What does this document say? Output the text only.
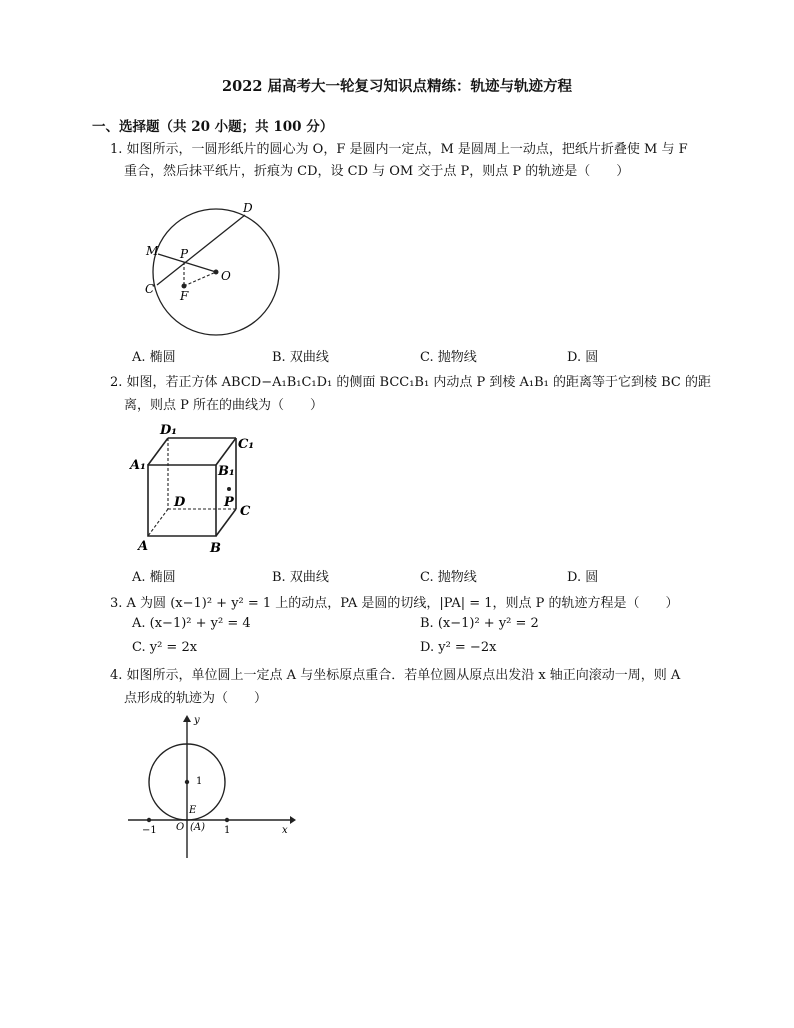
2022 届高考大一轮复习知识点精练：轨迹与轨迹方程
一、选择题（共 20 小题；共 100 分）
1. 如图所示，一圆形纸片的圆心为 O，F 是圆内一定点，M 是圆周上一动点，把纸片折叠使 M 与 F
重合，然后抹平纸片，折痕为 CD，设 CD 与 OM 交于点 P，则点 P 的轨迹是（　　）
D
M P
O
C F
A. 椭圆	B. 双曲线	C. 抛物线	D. 圆
2. 如图，若正方体 ABCD−A₁B₁C₁D₁ 的侧面 BCC₁B₁ 内动点 P 到棱 A₁B₁ 的距离等于它到棱 BC 的距
离，则点 P 所在的曲线为（　　）
D₁
C₁
A₁	B₁
D	P
C
A	B
A. 椭圆	B. 双曲线	C. 抛物线	D. 圆
3. A 为圆 (x−1)² + y² = 1 上的动点，PA 是圆的切线，|PA| = 1，则点 P 的轨迹方程是（　　）
A. (x−1)² + y² = 4	B. (x−1)² + y² = 2
C. y² = 2x	D. y² = −2x
4. 如图所示，单位圆上一定点 A 与坐标原点重合．若单位圆从原点出发沿 x 轴正向滚动一周，则 A
点形成的轨迹为（　　）
y
1
E
−1 O (A) 1	x
